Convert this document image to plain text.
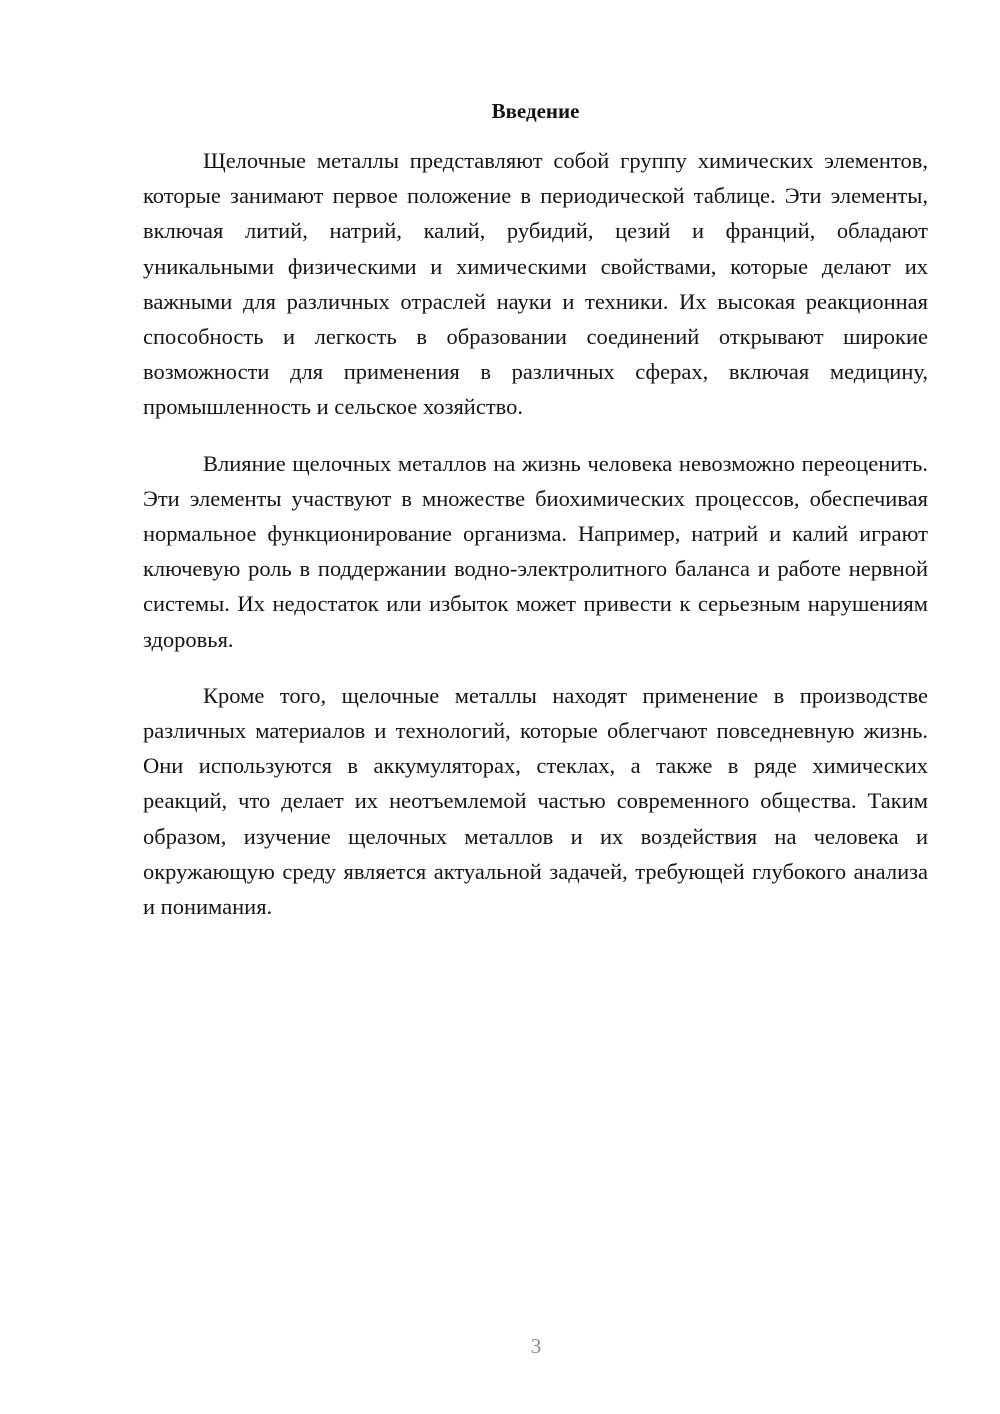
Введение

Щелочные металлы представляют собой группу химических элементов, которые занимают первое положение в периодической таблице. Эти элементы, включая литий, натрий, калий, рубидий, цезий и франций, обладают уникальными физическими и химическими свойствами, которые делают их важными для различных отраслей науки и техники. Их высокая реакционная способность и легкость в образовании соединений открывают широкие возможности для применения в различных сферах, включая медицину, промышленность и сельское хозяйство.

Влияние щелочных металлов на жизнь человека невозможно переоценить. Эти элементы участвуют в множестве биохимических процессов, обеспечивая нормальное функционирование организма. Например, натрий и калий играют ключевую роль в поддержании водно-электролитного баланса и работе нервной системы. Их недостаток или избыток может привести к серьезным нарушениям здоровья.

Кроме того, щелочные металлы находят применение в производстве различных материалов и технологий, которые облегчают повседневную жизнь. Они используются в аккумуляторах, стеклах, а также в ряде химических реакций, что делает их неотъемлемой частью современного общества. Таким образом, изучение щелочных металлов и их воздействия на человека и окружающую среду является актуальной задачей, требующей глубокого анализа и понимания.

3
